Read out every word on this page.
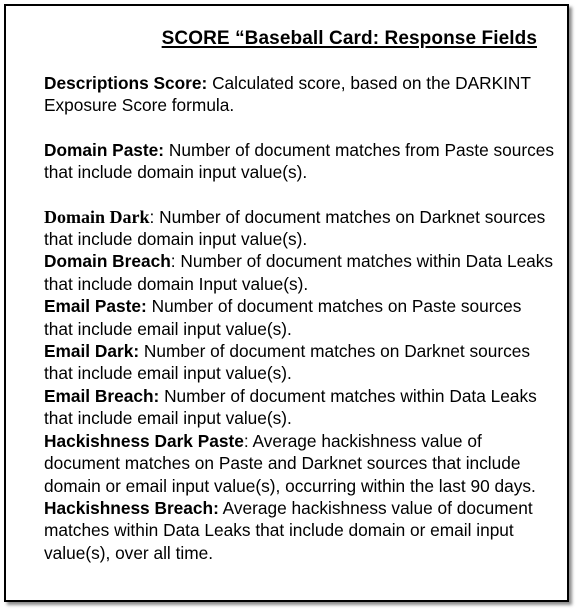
SCORE “Baseball Card: Response Fields

Descriptions Score: Calculated score, based on the DARKINT Exposure Score formula.

Domain Paste: Number of document matches from Paste sources that include domain input value(s).

Domain Dark: Number of document matches on Darknet sources that include domain input value(s).

Domain Breach: Number of document matches within Data Leaks that include domain Input value(s).

Email Paste: Number of document matches on Paste sources that include email input value(s).

Email Dark: Number of document matches on Darknet sources that include email input value(s).

Email Breach: Number of document matches within Data Leaks that include email input value(s).

Hackishness Dark Paste: Average hackishness value of document matches on Paste and Darknet sources that include domain or email input value(s), occurring within the last 90 days.

Hackishness Breach: Average hackishness value of document matches within Data Leaks that include domain or email input value(s), over all time.
